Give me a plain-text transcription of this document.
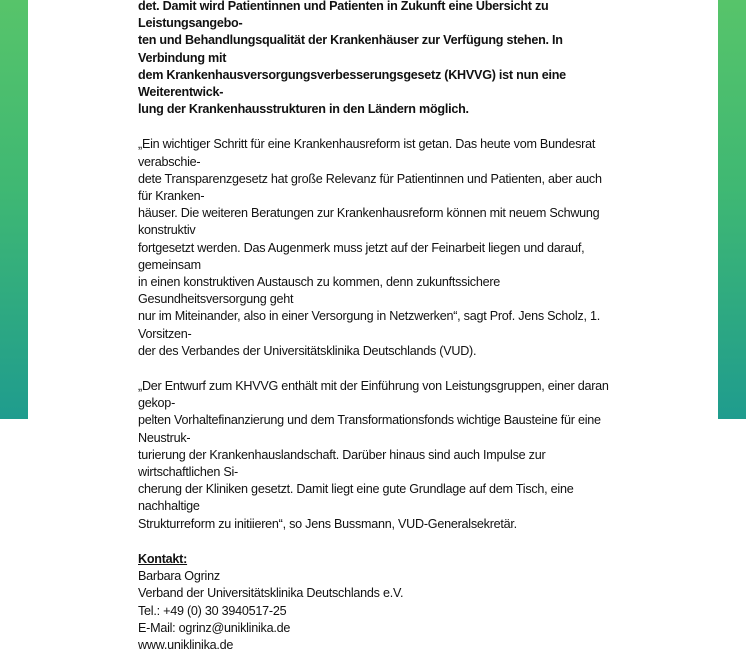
det. Damit wird Patientinnen und Patienten in Zukunft eine Übersicht zu Leistungsangebo-
ten und Behandlungsqualität der Krankenhäuser zur Verfügung stehen. In Verbindung mit
dem Krankenhausversorgungsverbesserungsgesetz (KHVVG) ist nun eine Weiterentwick-
lung der Krankenhausstrukturen in den Ländern möglich.

„Ein wichtiger Schritt für eine Krankenhausreform ist getan. Das heute vom Bundesrat verabschie-
dete Transparenzgesetz hat große Relevanz für Patientinnen und Patienten, aber auch für Kranken-
häuser. Die weiteren Beratungen zur Krankenhausreform können mit neuem Schwung konstruktiv
fortgesetzt werden. Das Augenmerk muss jetzt auf der Feinarbeit liegen und darauf, gemeinsam
in einen konstruktiven Austausch zu kommen, denn zukunftssichere Gesundheitsversorgung geht
nur im Miteinander, also in einer Versorgung in Netzwerken“, sagt Prof. Jens Scholz, 1. Vorsitzen-
der des Verbandes der Universitätsklinika Deutschlands (VUD).

„Der Entwurf zum KHVVG enthält mit der Einführung von Leistungsgruppen, einer daran gekop-
pelten Vorhaltefinanzierung und dem Transformationsfonds wichtige Bausteine für eine Neustruk-
turierung der Krankenhauslandschaft. Darüber hinaus sind auch Impulse zur wirtschaftlichen Si-
cherung der Kliniken gesetzt. Damit liegt eine gute Grundlage auf dem Tisch, eine nachhaltige
Strukturreform zu initiieren“, so Jens Bussmann, VUD-Generalsekretär.

Kontakt:

Barbara Ogrinz

Verband der Universitätsklinika Deutschlands e.V.

Tel.: +49 (0) 30 3940517-25

E-Mail: ogrinz@uniklinika.de

www.uniklinika.de
